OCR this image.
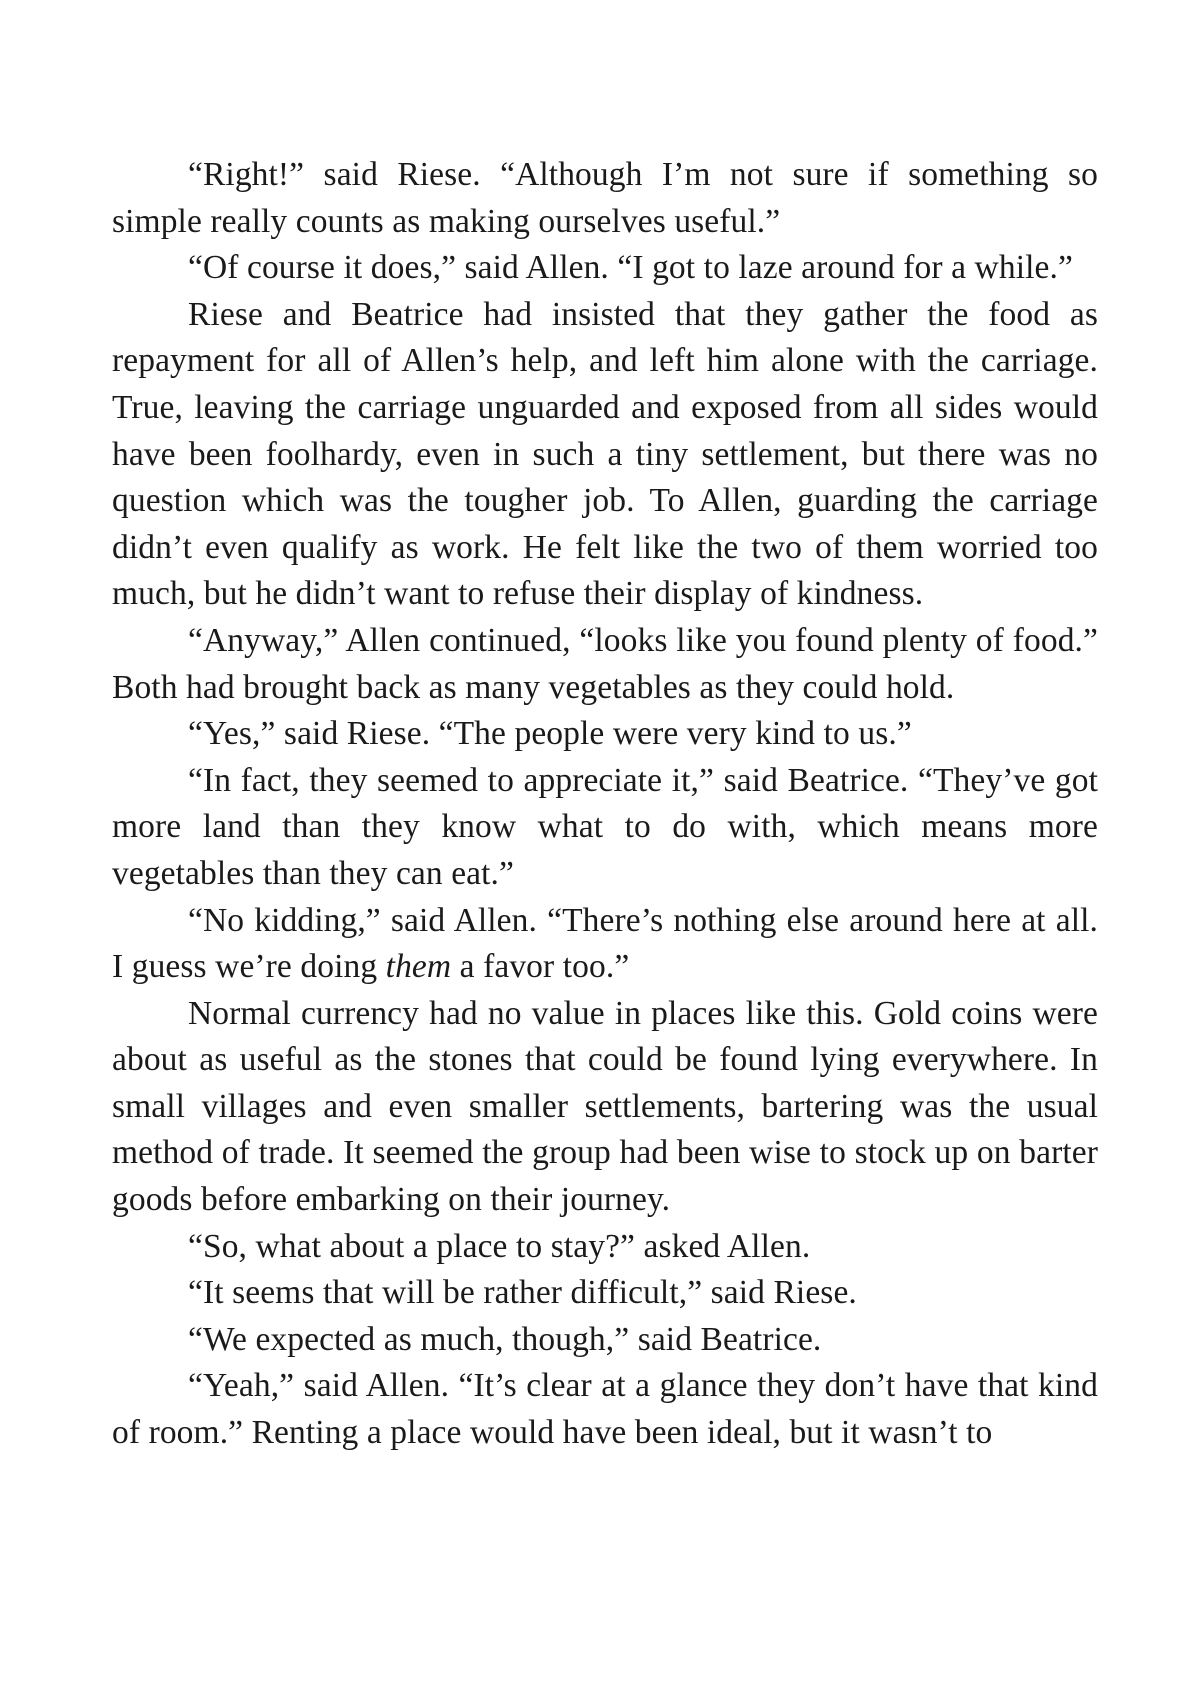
“Right!” said Riese. “Although I’m not sure if something so simple really counts as making ourselves useful.”

“Of course it does,” said Allen. “I got to laze around for a while.”

Riese and Beatrice had insisted that they gather the food as repayment for all of Allen’s help, and left him alone with the carriage. True, leaving the carriage unguarded and exposed from all sides would have been foolhardy, even in such a tiny settlement, but there was no question which was the tougher job. To Allen, guarding the carriage didn’t even qualify as work. He felt like the two of them worried too much, but he didn’t want to refuse their display of kindness.

“Anyway,” Allen continued, “looks like you found plenty of food.” Both had brought back as many vegetables as they could hold.

“Yes,” said Riese. “The people were very kind to us.”

“In fact, they seemed to appreciate it,” said Beatrice. “They’ve got more land than they know what to do with, which means more vegetables than they can eat.”

“No kidding,” said Allen. “There’s nothing else around here at all. I guess we’re doing them a favor too.”

Normal currency had no value in places like this. Gold coins were about as useful as the stones that could be found lying everywhere. In small villages and even smaller settlements, bartering was the usual method of trade. It seemed the group had been wise to stock up on barter goods before embarking on their journey.

“So, what about a place to stay?” asked Allen.

“It seems that will be rather difficult,” said Riese.

“We expected as much, though,” said Beatrice.

“Yeah,” said Allen. “It’s clear at a glance they don’t have that kind of room.” Renting a place would have been ideal, but it wasn’t to
